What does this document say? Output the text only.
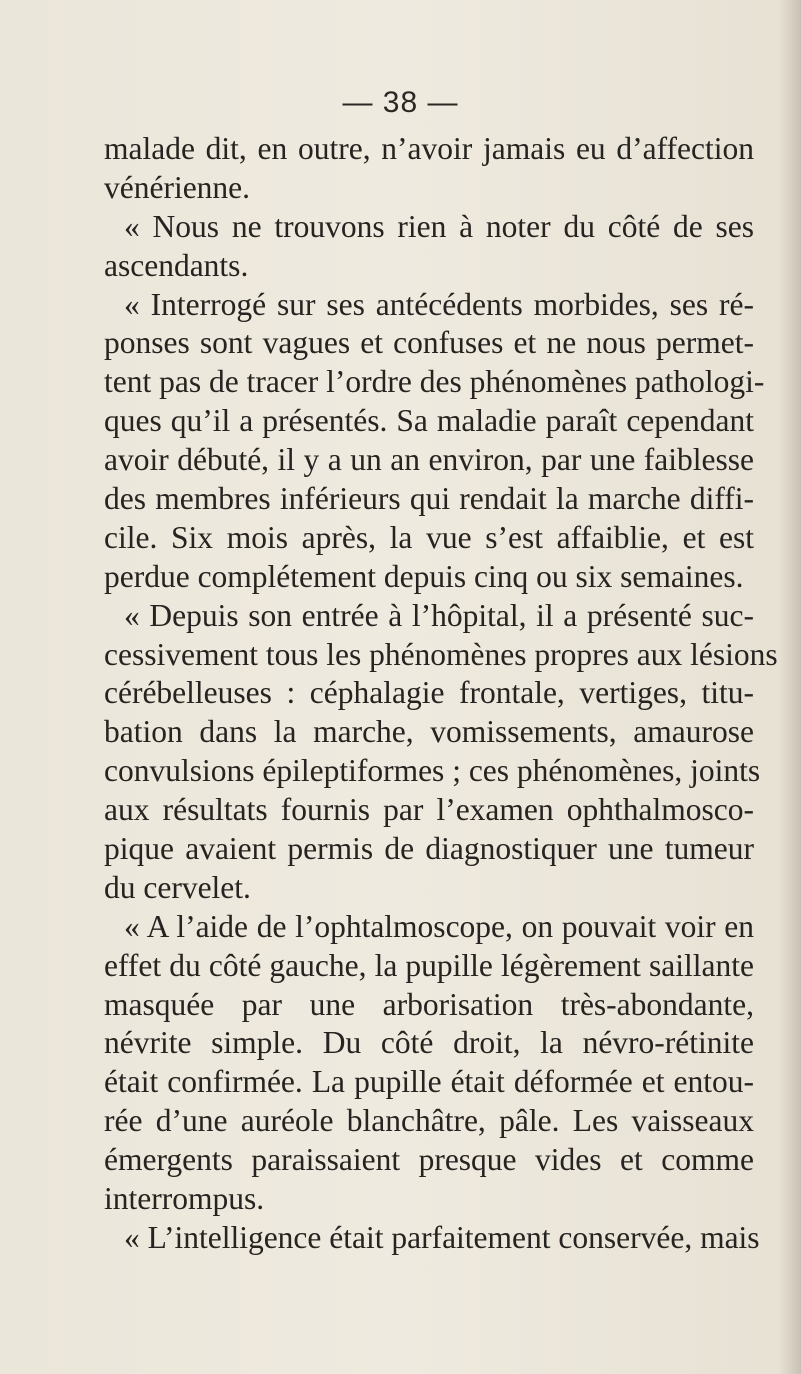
— 38 —
malade dit, en outre, n’avoir jamais eu d’affection
vénérienne.
« Nous ne trouvons rien à noter du côté de ses
ascendants.
« Interrogé sur ses antécédents morbides, ses ré-
ponses sont vagues et confuses et ne nous permet-
tent pas de tracer l’ordre des phénomènes pathologi-
ques qu’il a présentés. Sa maladie paraît cependant
avoir débuté, il y a un an environ, par une faiblesse
des membres inférieurs qui rendait la marche diffi-
cile. Six mois après, la vue s’est affaiblie, et est
perdue complétement depuis cinq ou six semaines.
« Depuis son entrée à l’hôpital, il a présenté suc-
cessivement tous les phénomènes propres aux lésions
cérébelleuses : céphalagie frontale, vertiges, titu-
bation dans la marche, vomissements, amaurose
convulsions épileptiformes ; ces phénomènes, joints
aux résultats fournis par l’examen ophthalmosco-
pique avaient permis de diagnostiquer une tumeur
du cervelet.
« A l’aide de l’ophtalmoscope, on pouvait voir en
effet du côté gauche, la pupille légèrement saillante
masquée par une arborisation très-abondante,
névrite simple. Du côté droit, la névro-rétinite
était confirmée. La pupille était déformée et entou-
rée d’une auréole blanchâtre, pâle. Les vaisseaux
émergents paraissaient presque vides et comme
interrompus.
« L’intelligence était parfaitement conservée, mais
